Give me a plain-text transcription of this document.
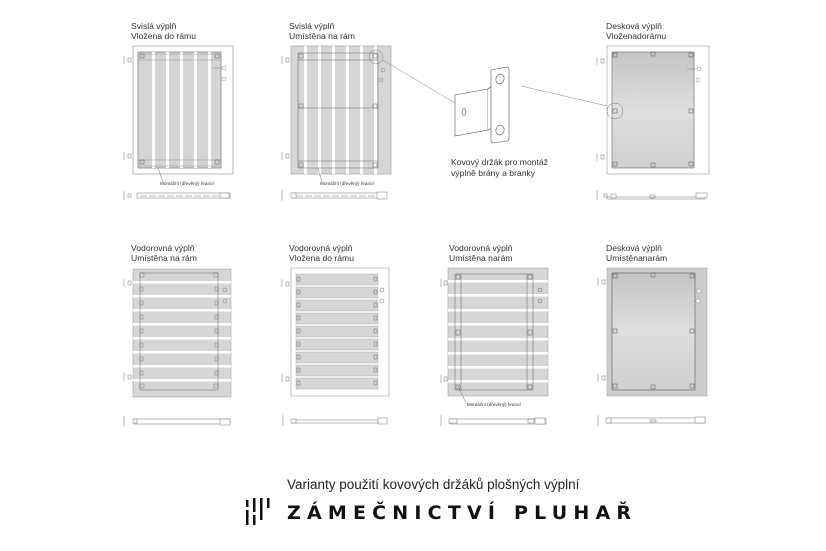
Svislá výplň
Vložena do rámu
Svislá výplň
Umístěna na rám
Desková výplň
Vloženadorámu
Vodorovná výplň
Umístěna na rám
Vodorovná výplň
Vložena do rámu
Vodorovná výplň
Umístěna narám
Desková výplň
Umístěnanarám
Montážní (dřevěný) hranol	Montážní (dřevěný) hranol
Montážní (dřevěný) hranol
Kovový držák pro montáž
výplně brány a branky
Varianty použití kovových držáků plošných výplní
ZÁMEČNICTVÍ PLUHAŘ
